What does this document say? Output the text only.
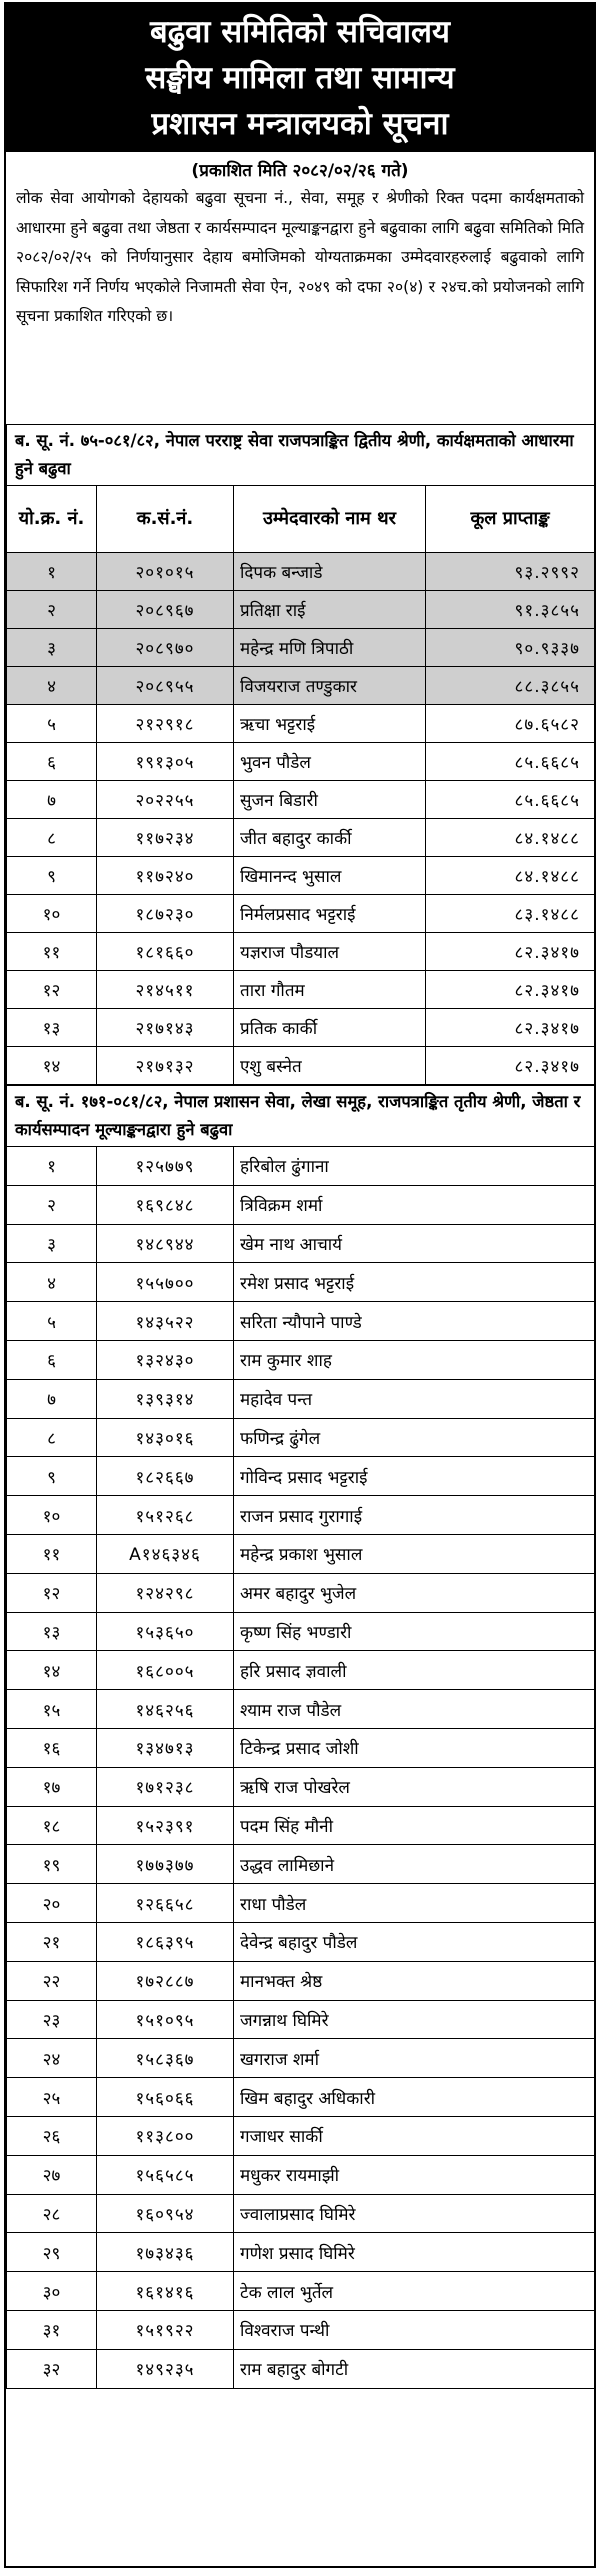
बढुवा समितिको सचिवालय
सङ्घीय मामिला तथा सामान्य
प्रशासन मन्त्रालयको सूचना
(प्रकाशित मिति २०८२/०२/२६ गते)
लोक सेवा आयोगको देहायको बढुवा सूचना नं., सेवा, समूह र श्रेणीको रिक्त पदमा कार्यक्षमताको आधारमा हुने बढुवा तथा जेष्ठता र कार्यसम्पादन मूल्याङ्कनद्वारा हुने बढुवाका लागि बढुवा समितिको मिति २०८२/०२/२५ को निर्णयानुसार देहाय बमोजिमको योग्यताक्रमका उम्मेदवारहरुलाई बढुवाको लागि सिफारिश गर्ने निर्णय भएकोले निजामती सेवा ऐन, २०४९ को दफा २०(४) र २४च.को प्रयोजनको लागि सूचना प्रकाशित गरिएको छ।
ब. सू. नं. ७५-०८१/८२, नेपाल परराष्ट्र सेवा राजपत्राङ्कित द्वितीय श्रेणी, कार्यक्षमताको आधारमा हुने बढुवा			
यो.क्र. नं.	क.सं.नं.	उम्मेदवारको नाम थर	कूल प्राप्ताङ्क
१	२०१०१५	दिपक बन्जाडे	९३.२९९२
२	२०८९६७	प्रतिक्षा राई	९१.३८५५
३	२०८९७०	महेन्द्र मणि त्रिपाठी	९०.९३३७
४	२०८९५५	विजयराज तण्डुकार	८८.३८५५
५	२१२९१८	ऋचा भट्टराई	८७.६५८२
६	१९१३०५	भुवन पौडेल	८५.६६८५
७	२०२२५५	सुजन बिडारी	८५.६६८५
८	११७२३४	जीत बहादुर कार्की	८४.१४८८
९	११७२४०	खिमानन्द भुसाल	८४.१४८८
१०	१८७२३०	निर्मलप्रसाद भट्टराई	८३.१४८८
११	१८१६६०	यज्ञराज पौडयाल	८२.३४१७
१२	२१४५११	तारा गौतम	८२.३४१७
१३	२१७१४३	प्रतिक कार्की	८२.३४१७
१४	२१७१३२	एशु बस्नेत	८२.३४१७
ब. सू. नं. १७१-०८१/८२, नेपाल प्रशासन सेवा, लेखा समूह, राजपत्राङ्कित तृतीय श्रेणी, जेष्ठता र कार्यसम्पादन मूल्याङ्कनद्वारा हुने बढुवा		
१	१२५७७९	हरिबोल ढुंगाना
२	१६९८४८	त्रिविक्रम शर्मा
३	१४८९४४	खेम नाथ आचार्य
४	१५५७००	रमेश प्रसाद भट्टराई
५	१४३५२२	सरिता न्यौपाने पाण्डे
६	१३२४३०	राम कुमार शाह
७	१३९३१४	महादेव पन्त
८	१४३०१६	फणिन्द्र ढुंगेल
९	१८२६६७	गोविन्द प्रसाद भट्टराई
१०	१५१२६८	राजन प्रसाद गुरागाई
११	A१४६३४६	महेन्द्र प्रकाश भुसाल
१२	१२४२९८	अमर बहादुर भुजेल
१३	१५३६५०	कृष्ण सिंह भण्डारी
१४	१६८००५	हरि प्रसाद ज्ञवाली
१५	१४६२५६	श्याम राज पौडेल
१६	१३४७१३	टिकेन्द्र प्रसाद जोशी
१७	१७१२३८	ऋषि राज पोखरेल
१८	१५२३९१	पदम सिंह मौनी
१९	१७७३७७	उद्धव लामिछाने
२०	१२६६५८	राधा पौडेल
२१	१८६३९५	देवेन्द्र बहादुर पौडेल
२२	१७२८८७	मानभक्त श्रेष्ठ
२३	१५१०९५	जगन्नाथ घिमिरे
२४	१५८३६७	खगराज शर्मा
२५	१५६०६६	खिम बहादुर अधिकारी
२६	११३८००	गजाधर सार्की
२७	१५६५८५	मधुकर रायमाझी
२८	१६०९५४	ज्वालाप्रसाद घिमिरे
२९	१७३४३६	गणेश प्रसाद घिमिरे
३०	१६१४१६	टेक लाल भुर्तेल
३१	१५१९२२	विश्वराज पन्थी
३२	१४९२३५	राम बहादुर बोगटी
